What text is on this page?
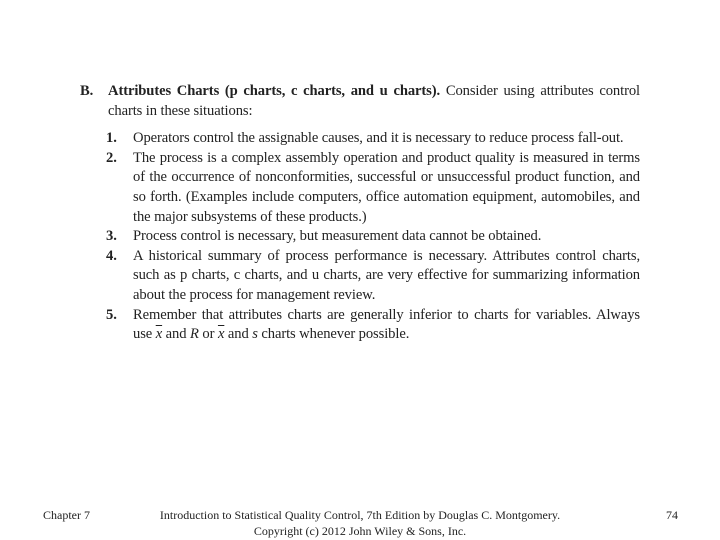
B.	Attributes Charts (p charts, c charts, and u charts). Consider using attributes control charts in these situations:
1.	Operators control the assignable causes, and it is necessary to reduce process fall-out.
2.	The process is a complex assembly operation and product quality is measured in terms of the occurrence of nonconformities, successful or unsuccessful product function, and so forth. (Examples include computers, office automation equipment, automobiles, and the major subsystems of these products.)
3.	Process control is necessary, but measurement data cannot be obtained.
4.	A historical summary of process performance is necessary. Attributes control charts, such as p charts, c charts, and u charts, are very effective for summarizing information about the process for management review.
5.	Remember that attributes charts are generally inferior to charts for variables. Always use $\overline{x}$ and R or $\overline{x}$ and s charts whenever possible.
Chapter 7	Introduction to Statistical Quality Control, 7th Edition by Douglas C. Montgomery.
Copyright (c) 2012 John Wiley & Sons, Inc.
74
